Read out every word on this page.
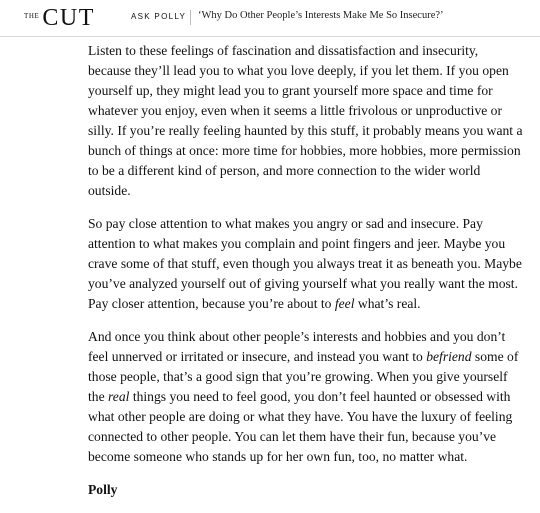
THE CUT	ASK POLLY ‘Why Do Other People’s Interests Make Me So Insecure?’

Listen to these feelings of fascination and dissatisfaction and insecurity, because they’ll lead you to what you love deeply, if you let them. If you open yourself up, they might lead you to grant yourself more space and time for whatever you enjoy, even when it seems a little frivolous or unproductive or silly. If you’re really feeling haunted by this stuff, it probably means you want a bunch of things at once: more time for hobbies, more hobbies, more permission to be a different kind of person, and more connection to the wider world outside.

So pay close attention to what makes you angry or sad and insecure. Pay attention to what makes you complain and point fingers and jeer. Maybe you crave some of that stuff, even though you always treat it as beneath you. Maybe you’ve analyzed yourself out of giving yourself what you really want the most. Pay closer attention, because you’re about to feel what’s real.

And once you think about other people’s interests and hobbies and you don’t feel unnerved or irritated or insecure, and instead you want to befriend some of those people, that’s a good sign that you’re growing. When you give yourself the real things you need to feel good, you don’t feel haunted or obsessed with what other people are doing or what they have. You have the luxury of feeling connected to other people. You can let them have their fun, because you’ve become someone who stands up for her own fun, too, no matter what.

Polly
